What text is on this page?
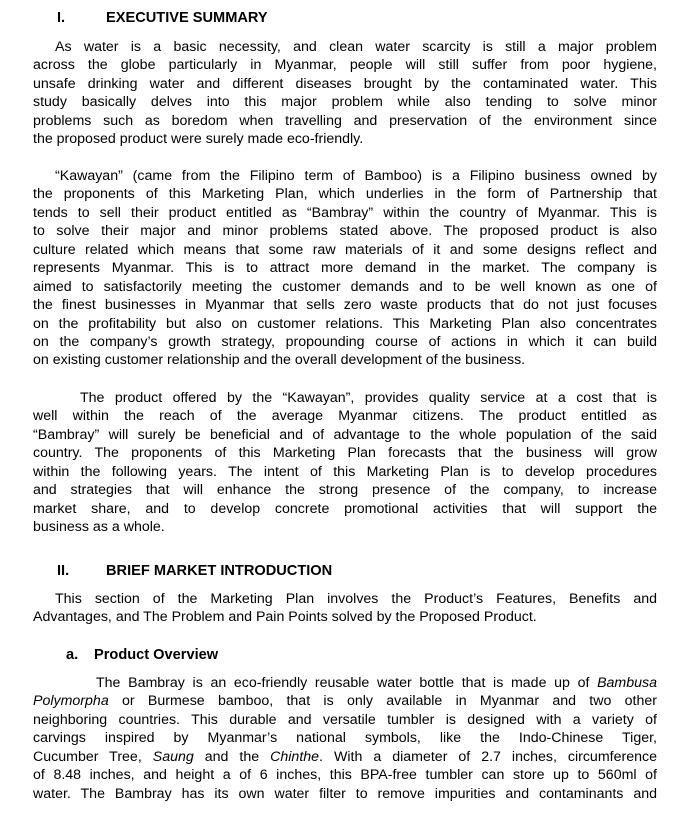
I.	EXECUTIVE SUMMARY
As water is a basic necessity, and clean water scarcity is still a major problem
across the globe particularly in Myanmar, people will still suffer from poor hygiene,
unsafe drinking water and different diseases brought by the contaminated water. This
study basically delves into this major problem while also tending to solve minor
problems such as boredom when travelling and preservation of the environment since
the proposed product were surely made eco-friendly.
“Kawayan” (came from the Filipino term of Bamboo) is a Filipino business owned by
the proponents of this Marketing Plan, which underlies in the form of Partnership that
tends to sell their product entitled as “Bambray” within the country of Myanmar. This is
to solve their major and minor problems stated above. The proposed product is also
culture related which means that some raw materials of it and some designs reflect and
represents Myanmar. This is to attract more demand in the market. The company is
aimed to satisfactorily meeting the customer demands and to be well known as one of
the finest businesses in Myanmar that sells zero waste products that do not just focuses
on the profitability but also on customer relations. This Marketing Plan also concentrates
on the company’s growth strategy, propounding course of actions in which it can build
on existing customer relationship and the overall development of the business.
The product offered by the “Kawayan”, provides quality service at a cost that is
well within the reach of the average Myanmar citizens. The product entitled as
“Bambray” will surely be beneficial and of advantage to the whole population of the said
country. The proponents of this Marketing Plan forecasts that the business will grow
within the following years. The intent of this Marketing Plan is to develop procedures
and strategies that will enhance the strong presence of the company, to increase
market share, and to develop concrete promotional activities that will support the
business as a whole.
II.	BRIEF MARKET INTRODUCTION
This section of the Marketing Plan involves the Product’s Features, Benefits and
Advantages, and The Problem and Pain Points solved by the Proposed Product.
a. Product Overview
The Bambray is an eco-friendly reusable water bottle that is made up of Bambusa
Polymorpha or Burmese bamboo, that is only available in Myanmar and two other
neighboring countries. This durable and versatile tumbler is designed with a variety of
carvings inspired by Myanmar’s national symbols, like the Indo-Chinese Tiger,
Cucumber Tree, Saung and the Chinthe. With a diameter of 2.7 inches, circumference
of 8.48 inches, and height a of 6 inches, this BPA-free tumbler can store up to 560ml of
water. The Bambray has its own water filter to remove impurities and contaminants and
